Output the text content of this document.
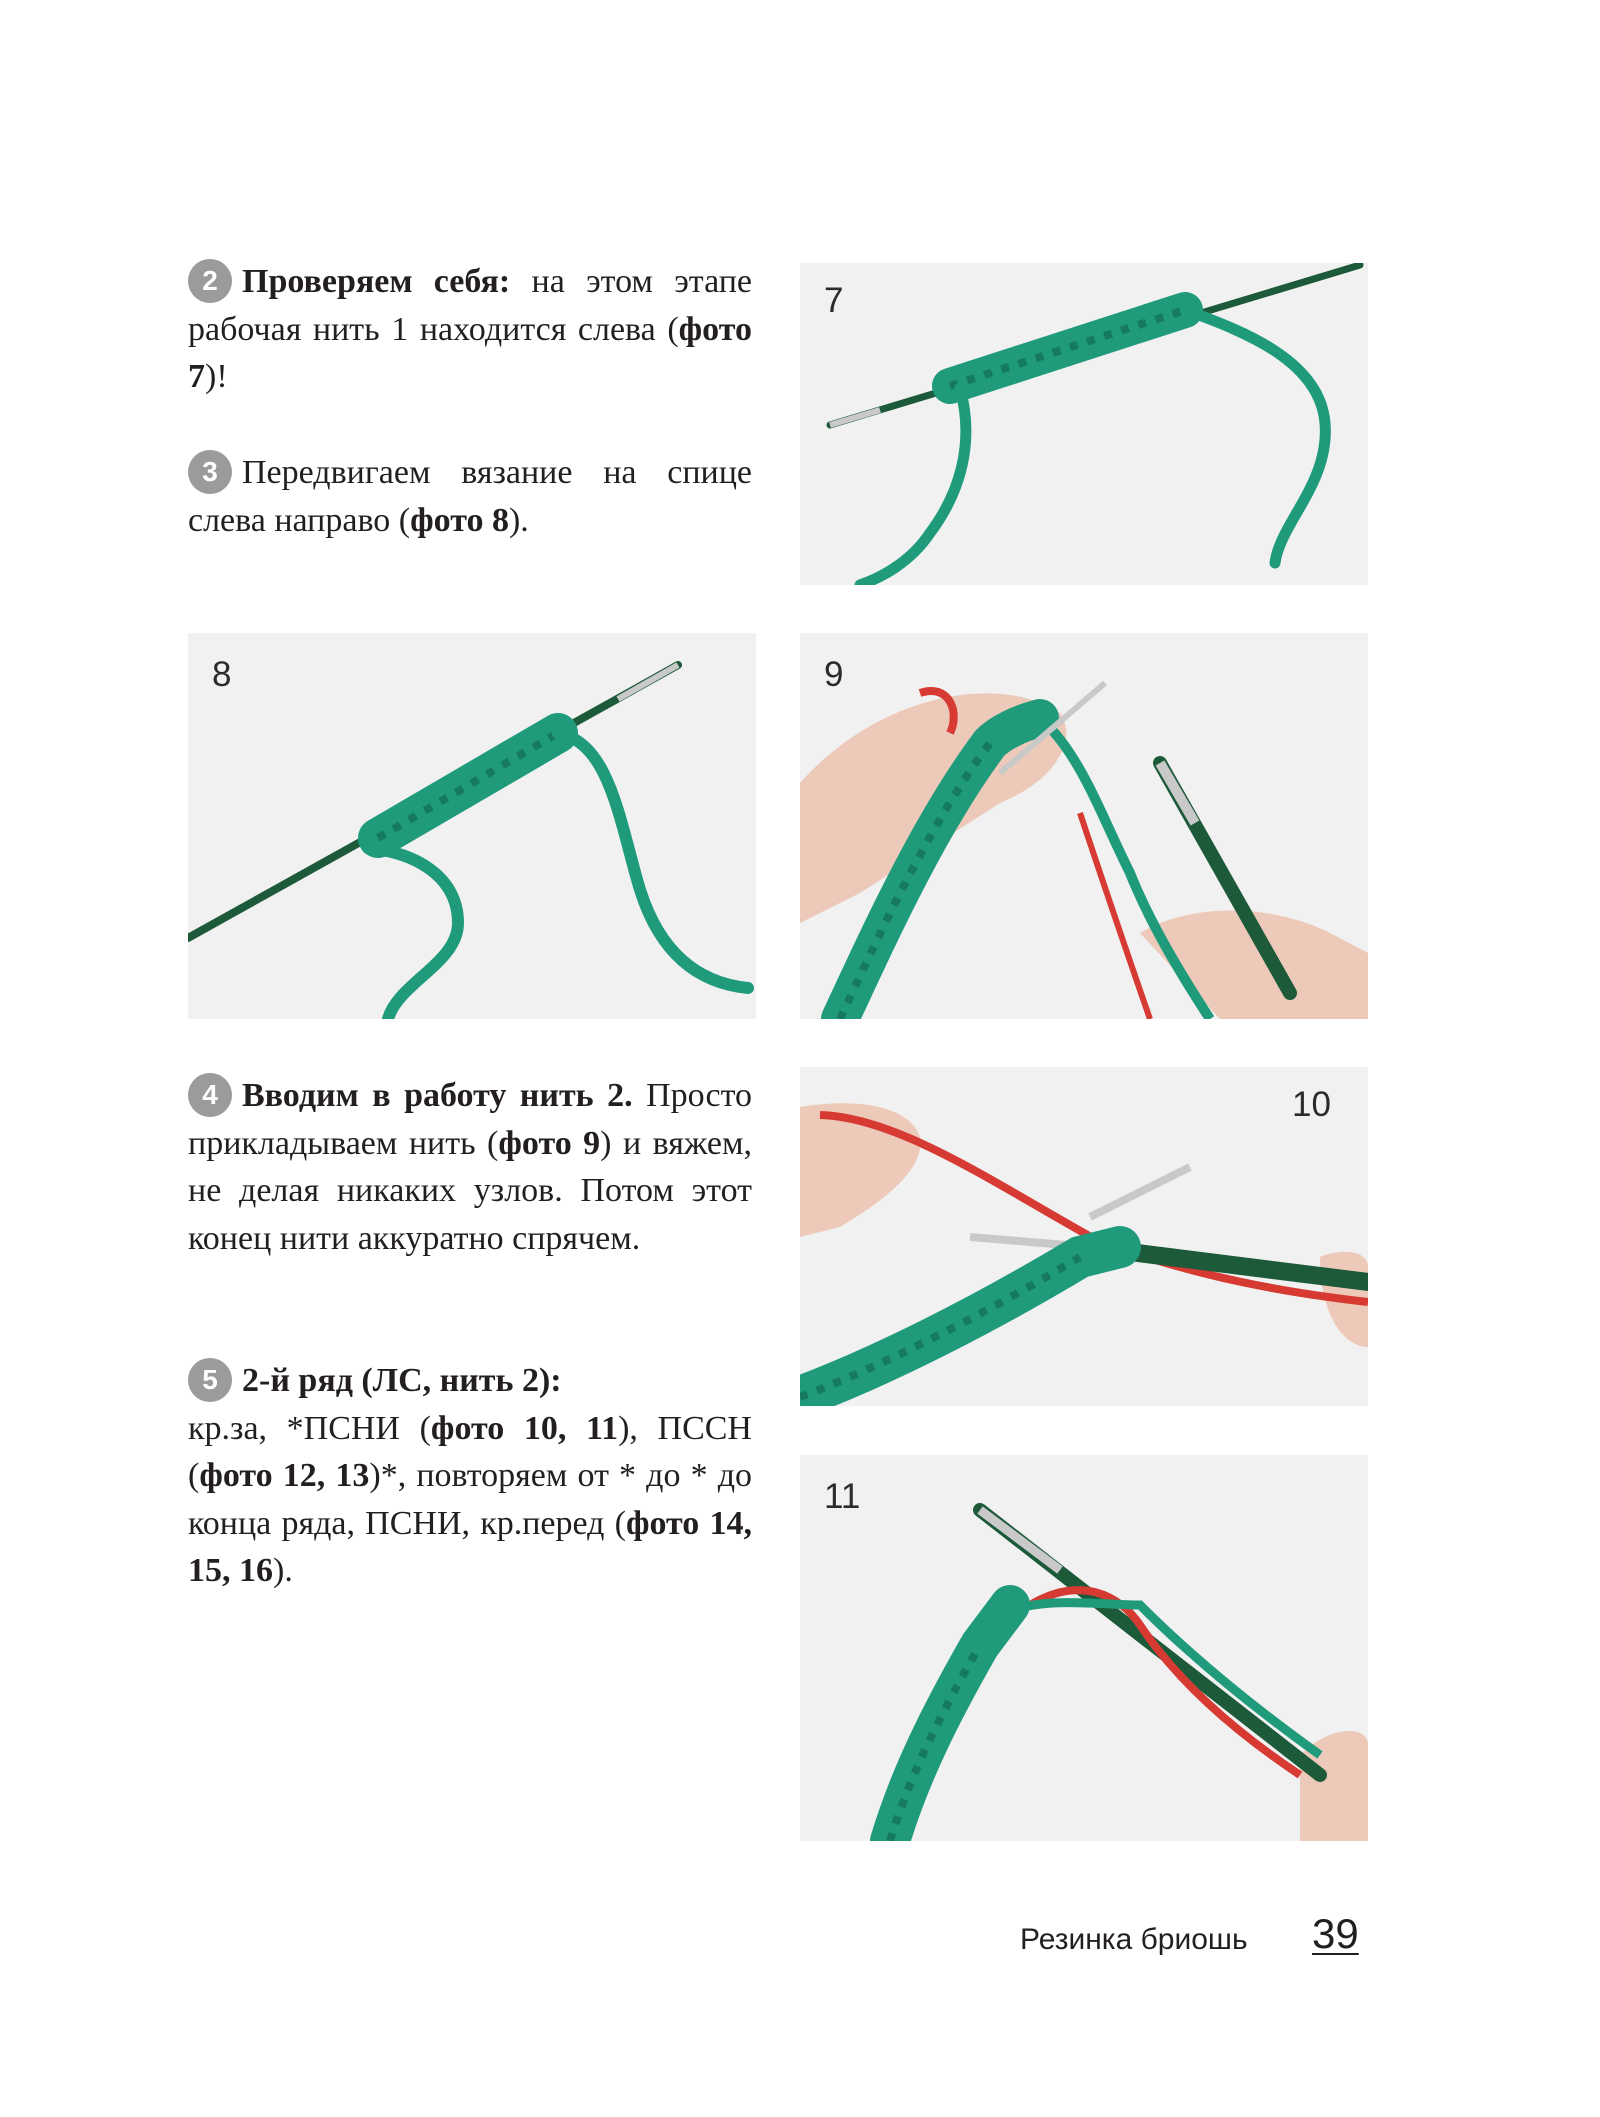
2 Проверяем себя: на этом этапе рабочая нить 1 находится слева (фото 7)!
3 Передвигаем вязание на спице слева направо (фото 8).
4 Вводим в работу нить 2. Просто прикладываем нить (фото 9) и вяжем, не делая никаких узлов. Потом этот конец нити аккуратно спрячем.
5 2-й ряд (ЛС, нить 2):
кр.за, *ПСНИ (фото 10, 11), ПССН (фото 12, 13)*, повторяем от * до * до конца ряда, ПСНИ, кр.перед (фото 14, 15, 16).
7
8	9
10
11
Резинка бриошь 39
